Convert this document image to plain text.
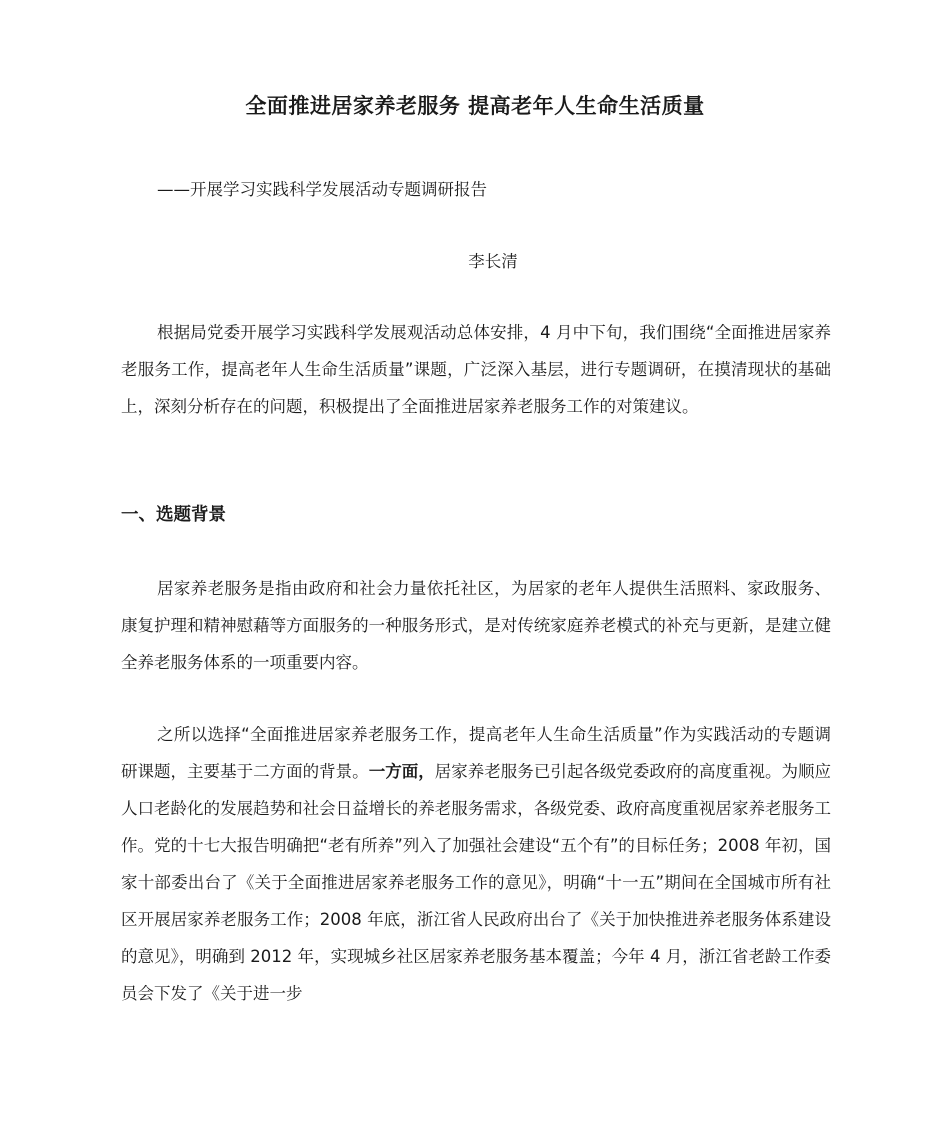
全面推进居家养老服务 提高老年人生命生活质量
——开展学习实践科学发展活动专题调研报告
李长清

根据局党委开展学习实践科学发展观活动总体安排，4 月中下旬，我们围绕“全面推进居家养老服务工作，提高老年人生命生活质量”课题，广泛深入基层，进行专题调研，在摸清现状的基础上，深刻分析存在的问题，积极提出了全面推进居家养老服务工作的对策建议。

一、选题背景

居家养老服务是指由政府和社会力量依托社区，为居家的老年人提供生活照料、家政服务、康复护理和精神慰藉等方面服务的一种服务形式，是对传统家庭养老模式的补充与更新，是建立健全养老服务体系的一项重要内容。

之所以选择“全面推进居家养老服务工作，提高老年人生命生活质量”作为实践活动的专题调研课题，主要基于二方面的背景。一方面，居家养老服务已引起各级党委政府的高度重视。为顺应人口老龄化的发展趋势和社会日益增长的养老服务需求，各级党委、政府高度重视居家养老服务工作。党的十七大报告明确把“老有所养”列入了加强社会建设“五个有”的目标任务；2008 年初，国家十部委出台了《关于全面推进居家养老服务工作的意见》，明确“十一五”期间在全国城市所有社区开展居家养老服务工作；2008 年底，浙江省人民政府出台了《关于加快推进养老服务体系建设的意见》，明确到 2012 年，实现城乡社区居家养老服务基本覆盖；今年 4 月，浙江省老龄工作委员会下发了《关于进一步
